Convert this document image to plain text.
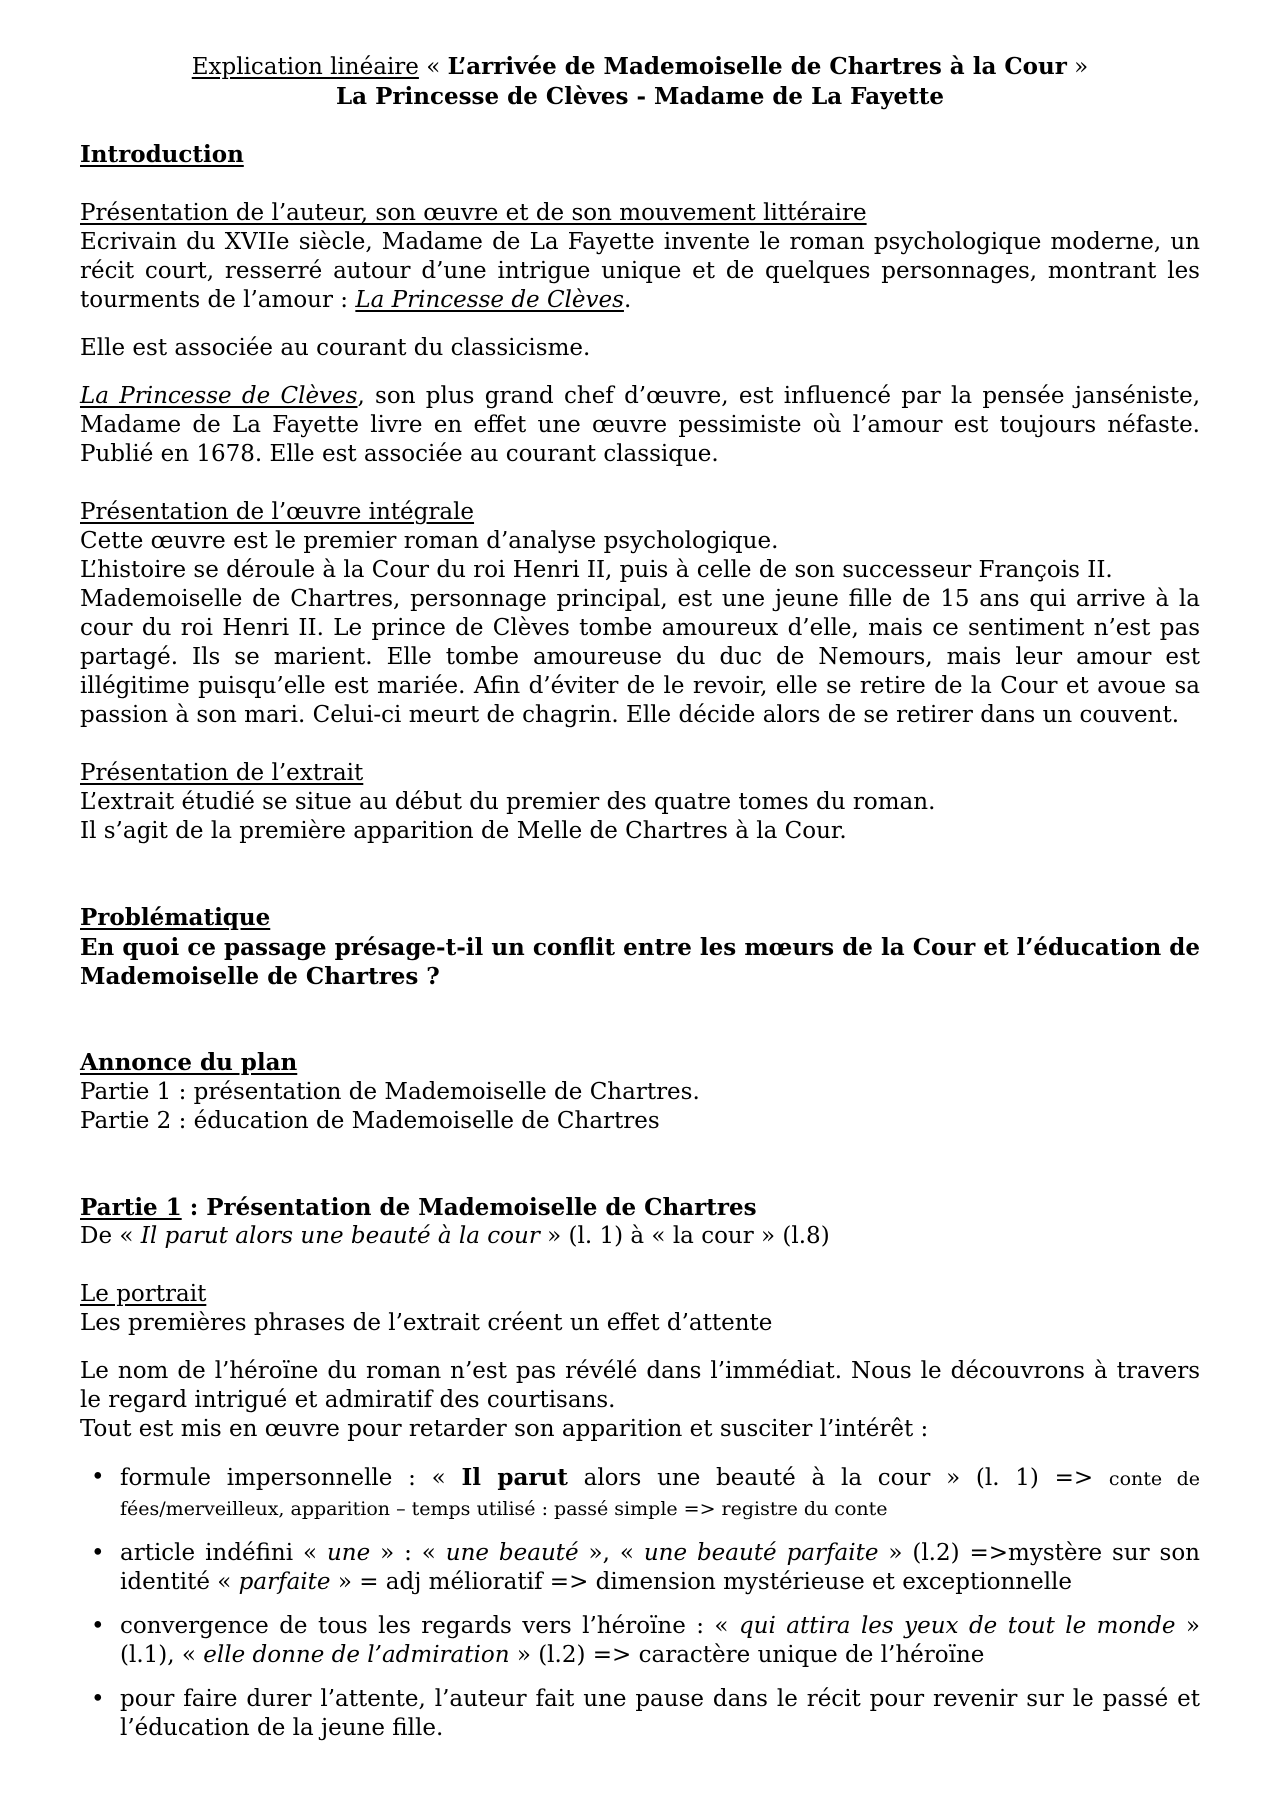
Explication linéaire « L’arrivée de Mademoiselle de Chartres à la Cour »

La Princesse de Clèves - Madame de La Fayette

Introduction

Présentation de l’auteur, son œuvre et de son mouvement littéraire

Ecrivain du XVIIe siècle, Madame de La Fayette invente le roman psychologique moderne, un récit court, resserré autour d’une intrigue unique et de quelques personnages, montrant les tourments de l’amour : La Princesse de Clèves.

Elle est associée au courant du classicisme.

La Princesse de Clèves, son plus grand chef d’œuvre, est influencé par la pensée janséniste, Madame de La Fayette livre en effet une œuvre pessimiste où l’amour est toujours néfaste. Publié en 1678. Elle est associée au courant classique.

Présentation de l’œuvre intégrale

Cette œuvre est le premier roman d’analyse psychologique.

L’histoire se déroule à la Cour du roi Henri II, puis à celle de son successeur François II.

Mademoiselle de Chartres, personnage principal, est une jeune fille de 15 ans qui arrive à la cour du roi Henri II. Le prince de Clèves tombe amoureux d’elle, mais ce sentiment n’est pas partagé. Ils se marient. Elle tombe amoureuse du duc de Nemours, mais leur amour est illégitime puisqu’elle est mariée. Afin d’éviter de le revoir, elle se retire de la Cour et avoue sa passion à son mari. Celui-ci meurt de chagrin. Elle décide alors de se retirer dans un couvent.

Présentation de l’extrait

L’extrait étudié se situe au début du premier des quatre tomes du roman.

Il s’agit de la première apparition de Melle de Chartres à la Cour.

Problématique

En quoi ce passage présage-t-il un conflit entre les mœurs de la Cour et l’éducation de Mademoiselle de Chartres ?

Annonce du plan

Partie 1 : présentation de Mademoiselle de Chartres.

Partie 2 : éducation de Mademoiselle de Chartres

Partie 1 : Présentation de Mademoiselle de Chartres

De « Il parut alors une beauté à la cour » (l. 1) à « la cour » (l.8)

Le portrait

Les premières phrases de l’extrait créent un effet d’attente

Le nom de l’héroïne du roman n’est pas révélé dans l’immédiat. Nous le découvrons à travers le regard intrigué et admiratif des courtisans.

Tout est mis en œuvre pour retarder son apparition et susciter l’intérêt :

• formule impersonnelle : « Il parut alors une beauté à la cour » (l. 1) => conte de fées/merveilleux, apparition – temps utilisé : passé simple => registre du conte
• article indéfini « une » : « une beauté », « une beauté parfaite » (l.2) =>mystère sur son identité « parfaite » = adj mélioratif => dimension mystérieuse et exceptionnelle
• convergence de tous les regards vers l’héroïne : « qui attira les yeux de tout le monde » (l.1), « elle donne de l’admiration » (l.2) => caractère unique de l’héroïne
• pour faire durer l’attente, l’auteur fait une pause dans le récit pour revenir sur le passé et l’éducation de la jeune fille.
